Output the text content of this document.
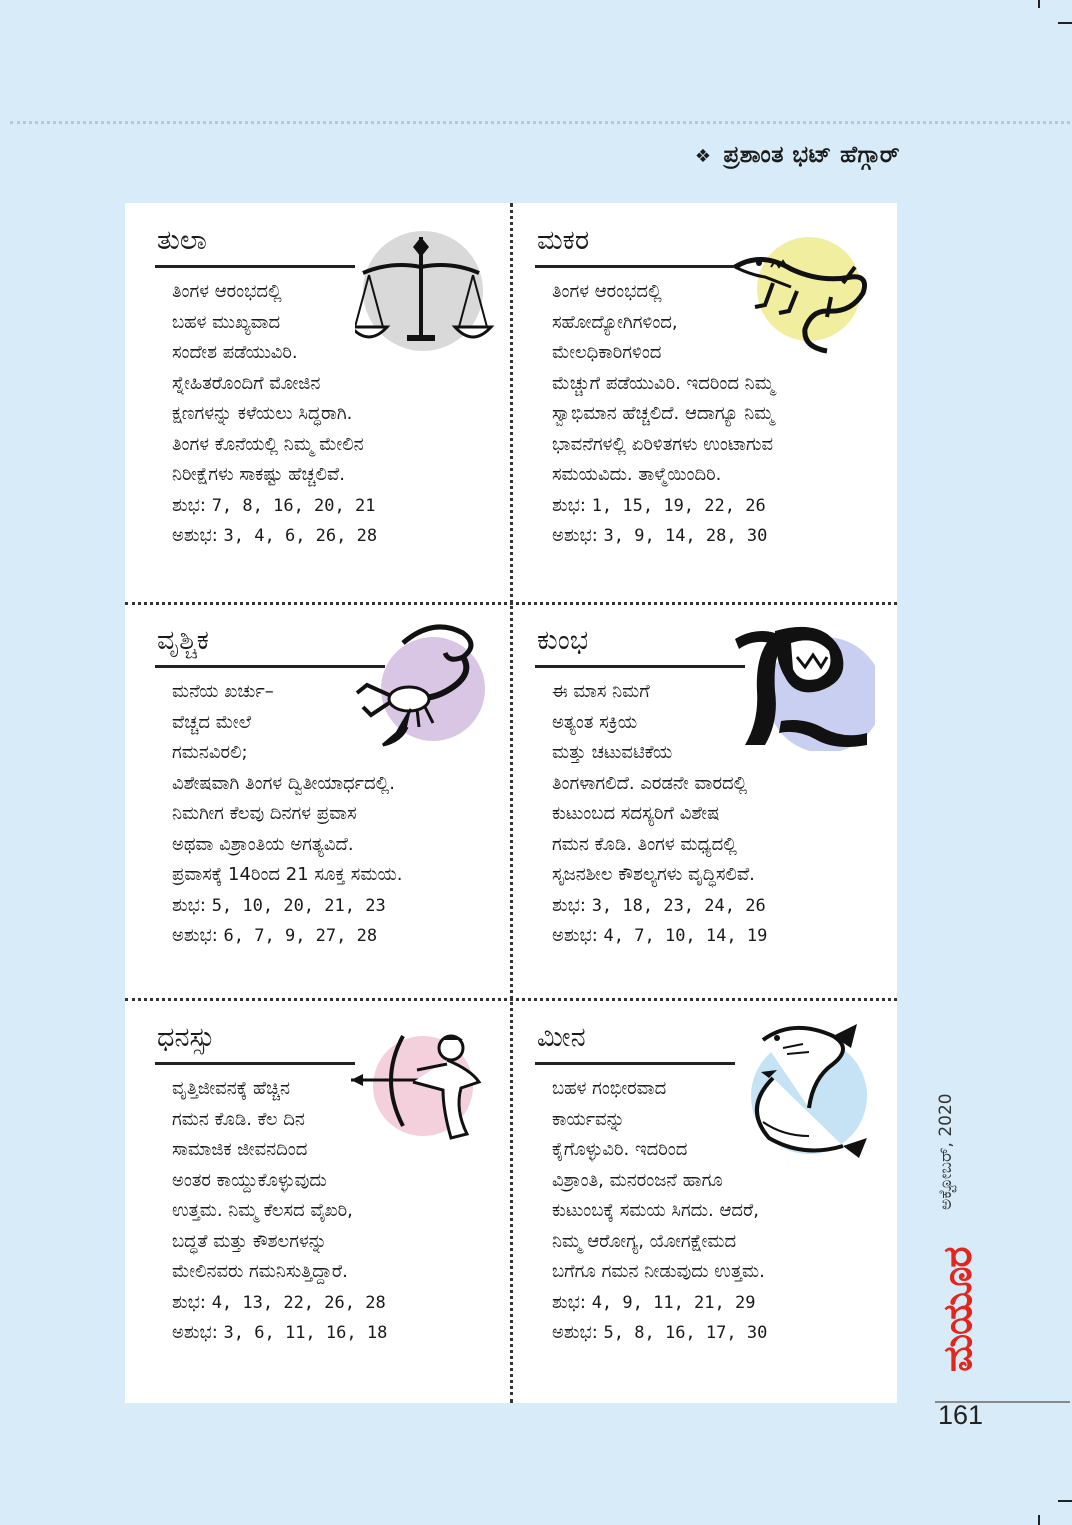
❖ ಪ್ರಶಾಂತ ಭಟ್ ಹೆಗ್ಗಾರ್
ತುಲಾ

ತಿಂಗಳ ಆರಂಭದಲ್ಲಿ

ಬಹಳ ಮುಖ್ಯವಾದ

ಸಂದೇಶ ಪಡೆಯುವಿರಿ.

ಸ್ನೇಹಿತರೊಂದಿಗೆ ಮೋಜಿನ

ಕ್ಷಣಗಳನ್ನು ಕಳೆಯಲು ಸಿದ್ಧರಾಗಿ.

ತಿಂಗಳ ಕೊನೆಯಲ್ಲಿ ನಿಮ್ಮ ಮೇಲಿನ

ನಿರೀಕ್ಷೆಗಳು ಸಾಕಷ್ಟು ಹೆಚ್ಚಲಿವೆ.

ಶುಭ: 7, 8, 16, 20, 21
ಅಶುಭ: 3, 4, 6, 26, 28
ಮಕರ

ತಿಂಗಳ ಆರಂಭದಲ್ಲಿ

ಸಹೋದ್ಯೋಗಿಗಳಿಂದ,

ಮೇಲಧಿಕಾರಿಗಳಿಂದ

ಮೆಚ್ಚುಗೆ ಪಡೆಯುವಿರಿ. ಇದರಿಂದ ನಿಮ್ಮ

ಸ್ವಾಭಿಮಾನ ಹೆಚ್ಚಲಿದೆ. ಆದಾಗ್ಯೂ ನಿಮ್ಮ

ಭಾವನೆಗಳಲ್ಲಿ ಏರಿಳಿತಗಳು ಉಂಟಾಗುವ

ಸಮಯವಿದು. ತಾಳ್ಮೆಯಿಂದಿರಿ.

ಶುಭ: 1, 15, 19, 22, 26
ಅಶುಭ: 3, 9, 14, 28, 30
ವೃಶ್ಚಿಕ

ಮನೆಯ ಖರ್ಚು–

ವೆಚ್ಚದ ಮೇಲೆ

ಗಮನವಿರಲಿ;

ವಿಶೇಷವಾಗಿ ತಿಂಗಳ ದ್ವಿತೀಯಾರ್ಧದಲ್ಲಿ.

ನಿಮಗೀಗ ಕೆಲವು ದಿನಗಳ ಪ್ರವಾಸ

ಅಥವಾ ವಿಶ್ರಾಂತಿಯ ಅಗತ್ಯವಿದೆ.

ಪ್ರವಾಸಕ್ಕೆ 14ರಿಂದ 21 ಸೂಕ್ತ ಸಮಯ.

ಶುಭ: 5, 10, 20, 21, 23
ಅಶುಭ: 6, 7, 9, 27, 28
ಕುಂಭ

ಈ ಮಾಸ ನಿಮಗೆ

ಅತ್ಯಂತ ಸಕ್ರಿಯ

ಮತ್ತು ಚಟುವಟಿಕೆಯ

ತಿಂಗಳಾಗಲಿದೆ. ಎರಡನೇ ವಾರದಲ್ಲಿ

ಕುಟುಂಬದ ಸದಸ್ಯರಿಗೆ ವಿಶೇಷ

ಗಮನ ಕೊಡಿ. ತಿಂಗಳ ಮಧ್ಯದಲ್ಲಿ

ಸೃಜನಶೀಲ ಕೌಶಲ್ಯಗಳು ವೃದ್ಧಿಸಲಿವೆ.

ಶುಭ: 3, 18, 23, 24, 26
ಅಶುಭ: 4, 7, 10, 14, 19
ಧನಸ್ಸು

ವೃತ್ತಿಜೀವನಕ್ಕೆ ಹೆಚ್ಚಿನ

ಗಮನ ಕೊಡಿ. ಕೆಲ ದಿನ

ಸಾಮಾಜಿಕ ಜೀವನದಿಂದ

ಅಂತರ ಕಾಯ್ದುಕೊಳ್ಳುವುದು

ಉತ್ತಮ. ನಿಮ್ಮ ಕೆಲಸದ ವೈಖರಿ,

ಬದ್ಧತೆ ಮತ್ತು ಕೌಶಲಗಳನ್ನು

ಮೇಲಿನವರು ಗಮನಿಸುತ್ತಿದ್ದಾರೆ.

ಶುಭ: 4, 13, 22, 26, 28
ಅಶುಭ: 3, 6, 11, 16, 18
ಮೀನ

ಬಹಳ ಗಂಭೀರವಾದ

ಕಾರ್ಯವನ್ನು

ಕೈಗೊಳ್ಳುವಿರಿ. ಇದರಿಂದ

ವಿಶ್ರಾಂತಿ, ಮನರಂಜನೆ ಹಾಗೂ

ಕುಟುಂಬಕ್ಕೆ ಸಮಯ ಸಿಗದು. ಆದರೆ,

ನಿಮ್ಮ ಆರೋಗ್ಯ, ಯೋಗಕ್ಷೇಮದ

ಬಗೆಗೂ ಗಮನ ನೀಡುವುದು ಉತ್ತಮ.

ಶುಭ: 4, 9, 11, 21, 29
ಅಶುಭ: 5, 8, 16, 17, 30
ಅಕ್ಟೋಬರ್, 2020
ಮಯೂರ
161
